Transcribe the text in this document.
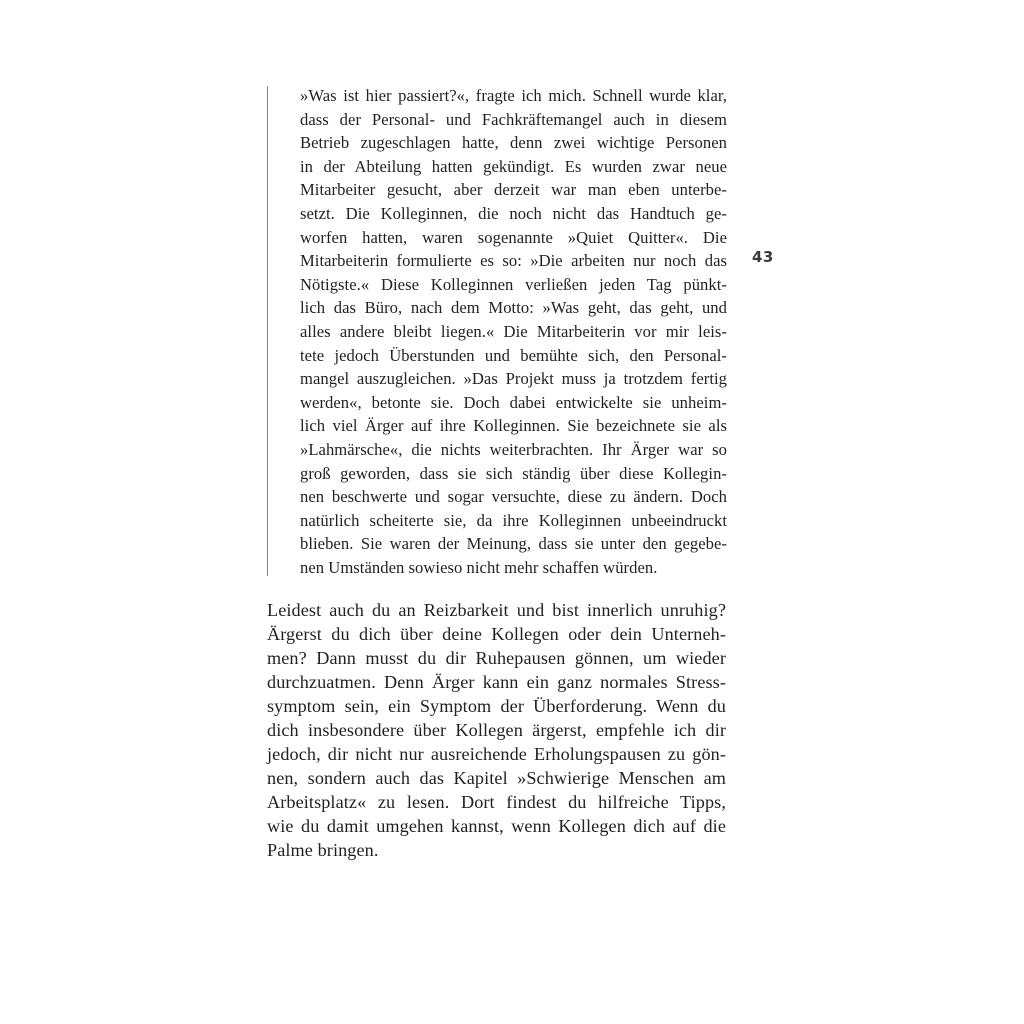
43
»Was ist hier passiert?«, fragte ich mich. Schnell wurde klar,
dass der Personal- und Fachkräftemangel auch in diesem
Betrieb zugeschlagen hatte, denn zwei wichtige Personen
in der Abteilung hatten gekündigt. Es wurden zwar neue
Mitarbeiter gesucht, aber derzeit war man eben unterbe-
setzt. Die Kolleginnen, die noch nicht das Handtuch ge-
worfen hatten, waren sogenannte »Quiet Quitter«. Die
Mitarbeiterin formulierte es so: »Die arbeiten nur noch das
Nötigste.« Diese Kolleginnen verließen jeden Tag pünkt-
lich das Büro, nach dem Motto: »Was geht, das geht, und
alles andere bleibt liegen.« Die Mitarbeiterin vor mir leis-
tete jedoch Überstunden und bemühte sich, den Personal-
mangel auszugleichen. »Das Projekt muss ja trotzdem fertig
werden«, betonte sie. Doch dabei entwickelte sie unheim-
lich viel Ärger auf ihre Kolleginnen. Sie bezeichnete sie als
»Lahmärsche«, die nichts weiterbrachten. Ihr Ärger war so
groß geworden, dass sie sich ständig über diese Kollegin-
nen beschwerte und sogar versuchte, diese zu ändern. Doch
natürlich scheiterte sie, da ihre Kolleginnen unbeeindruckt
blieben. Sie waren der Meinung, dass sie unter den gegebe-
nen Umständen sowieso nicht mehr schaffen würden.
Leidest auch du an Reizbarkeit und bist innerlich unruhig?
Ärgerst du dich über deine Kollegen oder dein Unterneh-
men? Dann musst du dir Ruhepausen gönnen, um wieder
durchzuatmen. Denn Ärger kann ein ganz normales Stress-
symptom sein, ein Symptom der Überforderung. Wenn du
dich insbesondere über Kollegen ärgerst, empfehle ich dir
jedoch, dir nicht nur ausreichende Erholungspausen zu gön-
nen, sondern auch das Kapitel »Schwierige Menschen am
Arbeitsplatz« zu lesen. Dort findest du hilfreiche Tipps,
wie du damit umgehen kannst, wenn Kollegen dich auf die
Palme bringen.
